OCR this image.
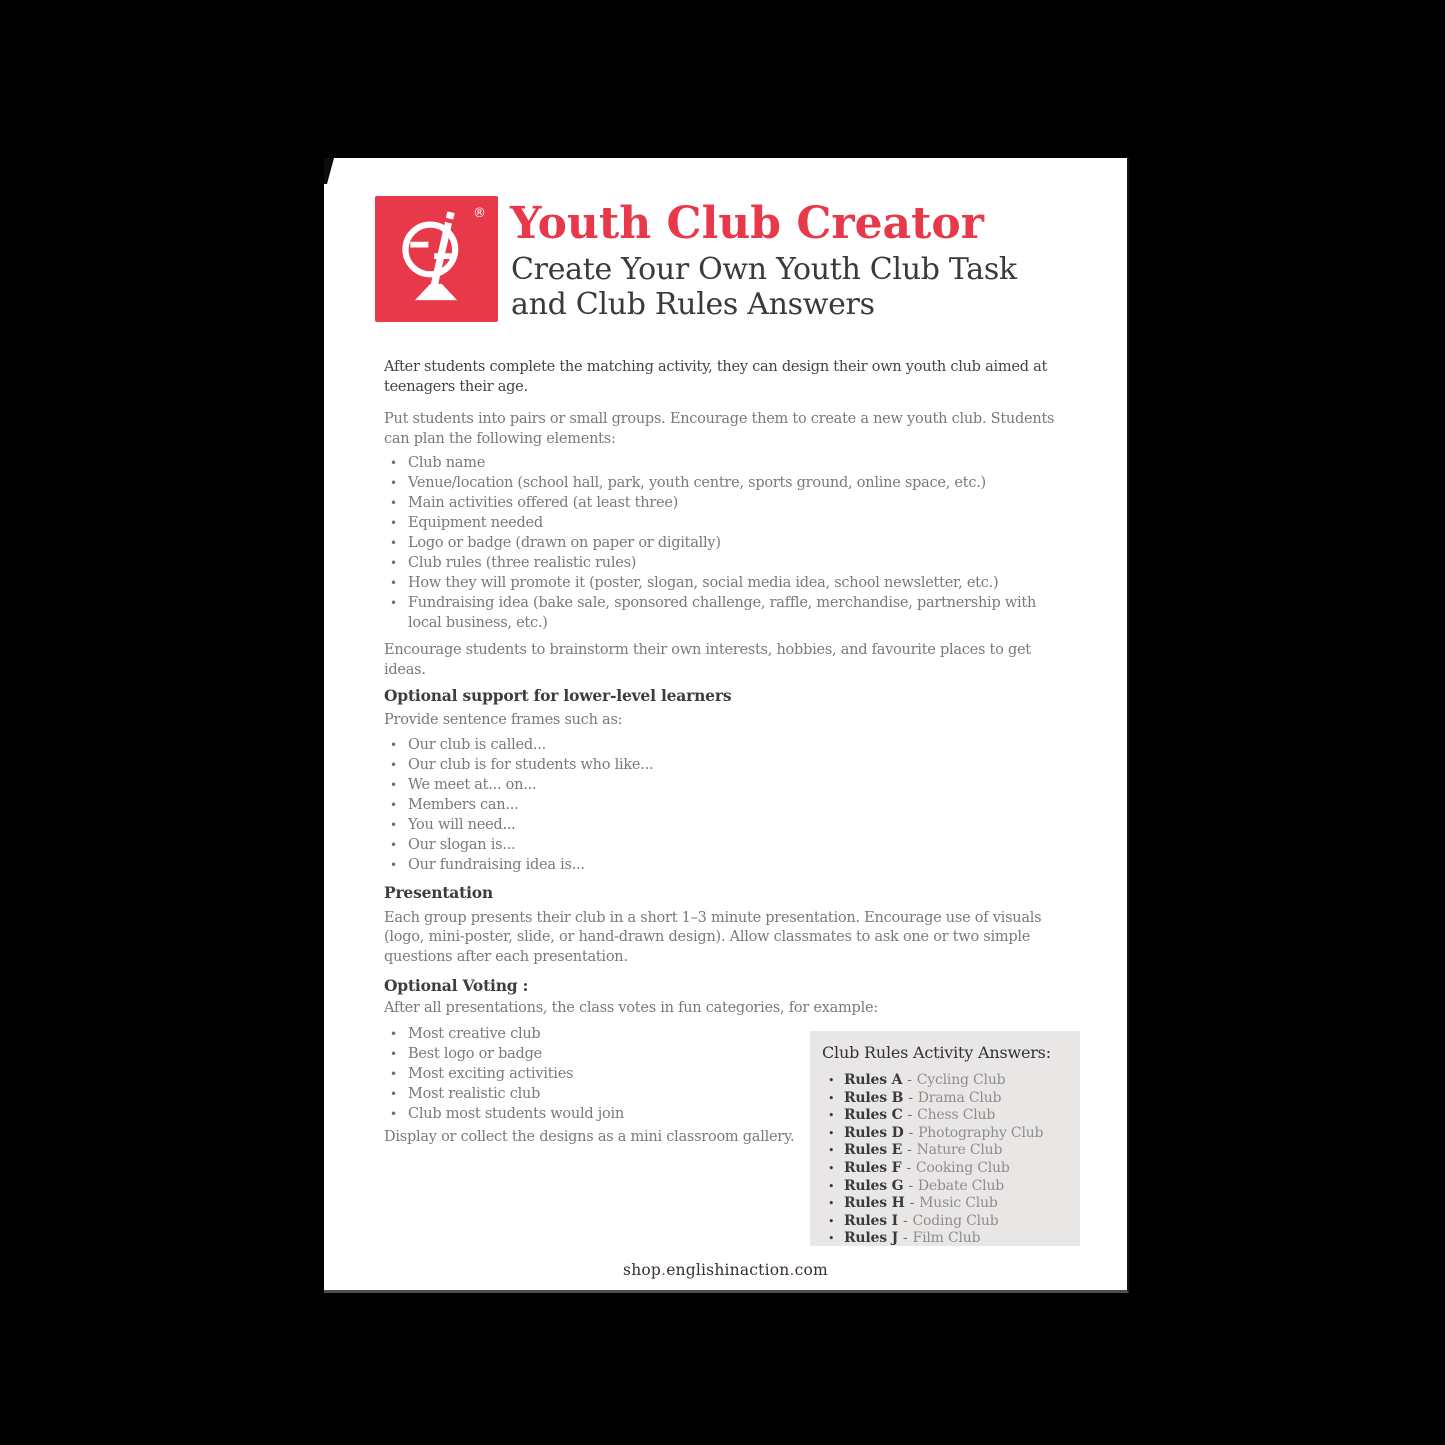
® Youth Club Creator
Create Your Own Youth Club Task
and Club Rules Answers

After students complete the matching activity, they can design their own youth club aimed at teenagers their age.

Put students into pairs or small groups. Encourage them to create a new youth club. Students can plan the following elements:

• Club name
• Venue/location (school hall, park, youth centre, sports ground, online space, etc.)
• Main activities offered (at least three)
• Equipment needed
• Logo or badge (drawn on paper or digitally)
• Club rules (three realistic rules)
• How they will promote it (poster, slogan, social media idea, school newsletter, etc.)
• Fundraising idea (bake sale, sponsored challenge, raffle, merchandise, partnership with local business, etc.)

Encourage students to brainstorm their own interests, hobbies, and favourite places to get ideas.

Optional support for lower-level learners

Provide sentence frames such as:

• Our club is called...
• Our club is for students who like...
• We meet at... on...
• Members can...
• You will need...
• Our slogan is...
• Our fundraising idea is...
Presentation

Each group presents their club in a short 1–3 minute presentation. Encourage use of visuals (logo, mini-poster, slide, or hand-drawn design). Allow classmates to ask one or two simple questions after each presentation.

Optional Voting :

After all presentations, the class votes in fun categories, for example:

• Most creative club
• Best logo or badge
• Most exciting activities
• Most realistic club
• Club most students would join

Display or collect the designs as a mini classroom gallery.

Club Rules Activity Answers:
• Rules A - Cycling Club
• Rules B - Drama Club
• Rules C - Chess Club
• Rules D - Photography Club
• Rules E - Nature Club
• Rules F - Cooking Club
• Rules G - Debate Club
• Rules H - Music Club
• Rules I - Coding Club
• Rules J - Film Club
shop.englishinaction.com
